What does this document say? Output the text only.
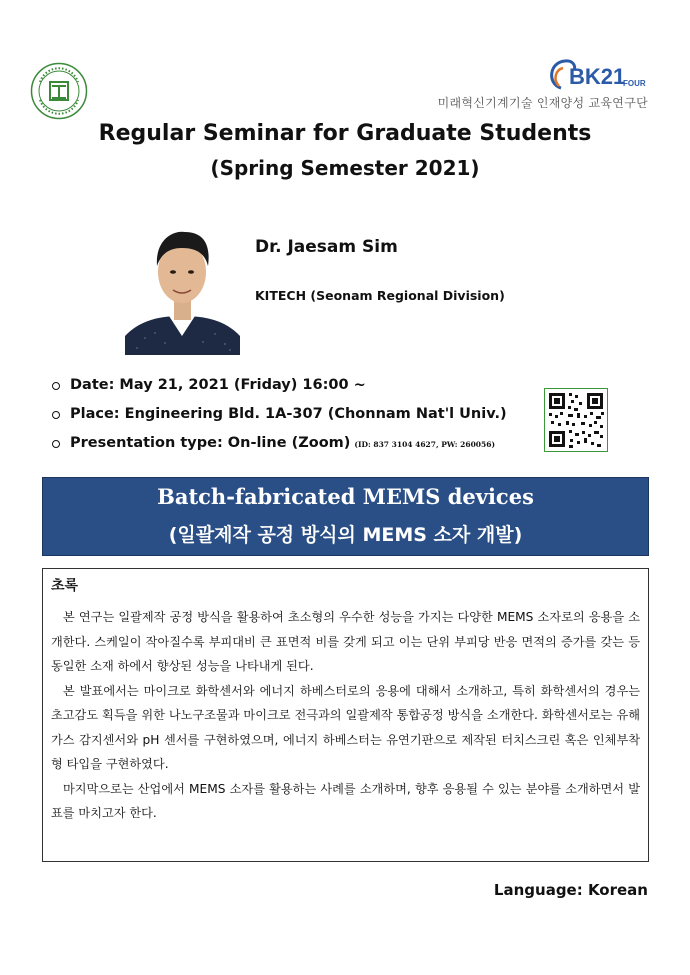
BK21
FOUR
미래혁신기계기술 인재양성 교육연구단
Regular Seminar for Graduate Students
(Spring Semester 2021)
Dr. Jaesam Sim
KITECH (Seonam Regional Division)
Date: May 21, 2021 (Friday) 16:00 ~
Place: Engineering Bld. 1A-307 (Chonnam Nat'l Univ.)
Presentation type: On-line (Zoom) (ID: 837 3104 4627, PW: 260056)
Batch-fabricated MEMS devices
(일괄제작 공정 방식의 MEMS 소자 개발)
초록

본 연구는 일괄제작 공정 방식을 활용하여 초소형의 우수한 성능을 가지는 다양한 MEMS 소자로의 응용을 소개한다. 스케일이 작아질수록 부피대비 큰 표면적 비를 갖게 되고 이는 단위 부피당 반응 면적의 증가를 갖는 등 동일한 소재 하에서 향상된 성능을 나타내게 된다.

본 발표에서는 마이크로 화학센서와 에너지 하베스터로의 응용에 대해서 소개하고, 특히 화학센서의 경우는 초고감도 획득을 위한 나노구조물과 마이크로 전극과의 일괄제작 통합공정 방식을 소개한다. 화학센서로는 유해가스 감지센서와 pH 센서를 구현하였으며, 에너지 하베스터는 유연기판으로 제작된 터치스크린 혹은 인체부착형 타입을 구현하였다.

마지막으로는 산업에서 MEMS 소자를 활용하는 사례를 소개하며, 향후 응용될 수 있는 분야를 소개하면서 발표를 마치고자 한다.

Language: Korean
